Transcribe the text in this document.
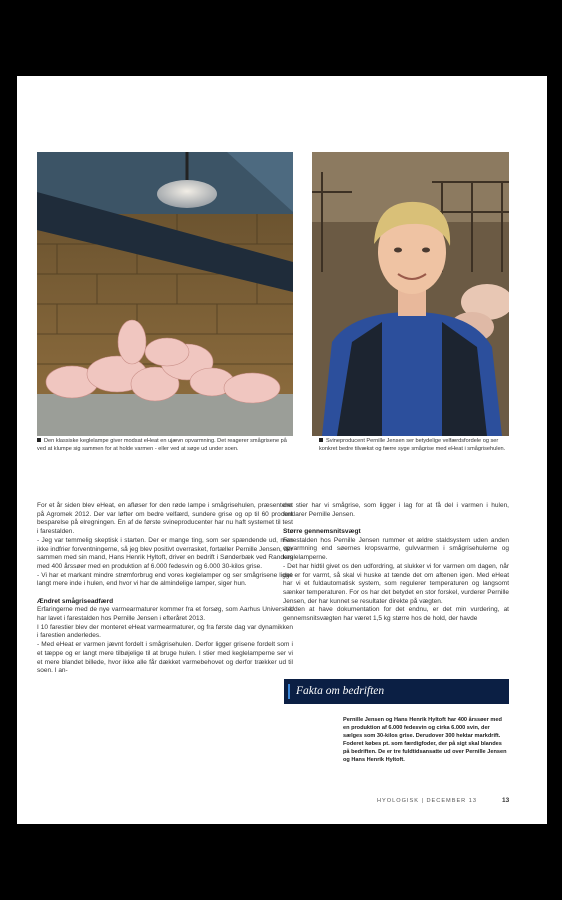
Den klassiske keglelampe giver modsat eHeat en ujævn opvarmning. Det reagerer smågrisene på ved at klumpe sig sammen for at holde varmen - eller ved at søge ud under soen.
Svineproducent Pernille Jensen ser betydelige velfærdsfordele og ser konkret bedre tilvækst og færre syge smågrise med eHeat i smågrisehulen.

For et år siden blev eHeat, en afløser for den røde lampe i smågrisehulen, præsenteret på Agromek 2012. Der var løfter om bedre velfærd, sundere grise og op til 60 procent besparelse på elregningen. En af de første svineproducenter har nu haft systemet til test i farestalden.

- Jeg var temmelig skeptisk i starten. Der er mange ting, som ser spændende ud, men ikke indfrier forventningerne, så jeg blev positivt overrasket, fortæller Pernille Jensen, der sammen med sin mand, Hans Henrik Hyltoft, driver en bedrift i Sønderbæk ved Randers med 400 årssøer med en produktion af 6.000 fedesvin og 6.000 30-kilos grise.

- Vi har et markant mindre strømforbrug end vores keglelamper og ser smågrisene ligge langt mere inde i hulen, end hvor vi har de almindelige lamper, siger hun.

Ændret smågriseadfærd

Erfaringerne med de nye varmearmaturer kommer fra et forsøg, som Aarhus Universitet har lavet i farestalden hos Pernille Jensen i efteråret 2013.

I 10 farestier blev der monteret eHeat varmearmaturer, og fra første dag var dynamikken i farestien anderledes.

- Med eHeat er varmen jævnt fordelt i smågrisehulen. Derfor ligger grisene fordelt som i et tæppe og er langt mere tilbøjelige til at bruge hulen. I stier med keglelamperne ser vi et mere blandet billede, hvor ikke alle får dækket varmebehovet og derfor trækker ud til soen. I an-

dre stier har vi smågrise, som ligger i lag for at få del i varmen i hulen, forklarer Pernille Jensen.

Større gennemsnitsvægt

Farestalden hos Pernille Jensen rummer et ældre staldsystem uden anden opvarmning end søernes kropsvarme, gulvvarmen i smågrisehulerne og keglelamperne.

- Det har hidtil givet os den udfordring, at slukker vi for varmen om dagen, når det er for varmt, så skal vi huske at tænde det om aftenen igen. Med eHeat har vi et fuldautomatisk system, som regulerer temperaturen og langsomt sænker temperaturen. For os har det betydet en stor forskel, vurderer Pernille Jensen, der har kunnet se resultater direkte på vægten.

- Uden at have dokumentation for det endnu, er det min vurdering, at gennemsnitsvægten har været 1,5 kg større hos de hold, der havde

Fakta om bedriften
Pernille Jensen og Hans Henrik Hyltoft har 400 årssøer med en produktion af 6.000 fedesvin og cirka 6.000 svin, der sælges som 30-kilos grise. Derudover 300 hektar markdrift. Foderet købes pt. som færdigfoder, der på sigt skal blandes på bedriften. De er tre fuldtidsansatte ud over Pernille Jensen og Hans Henrik Hyltoft.
HYOLOGISK | DECEMBER 13	13
